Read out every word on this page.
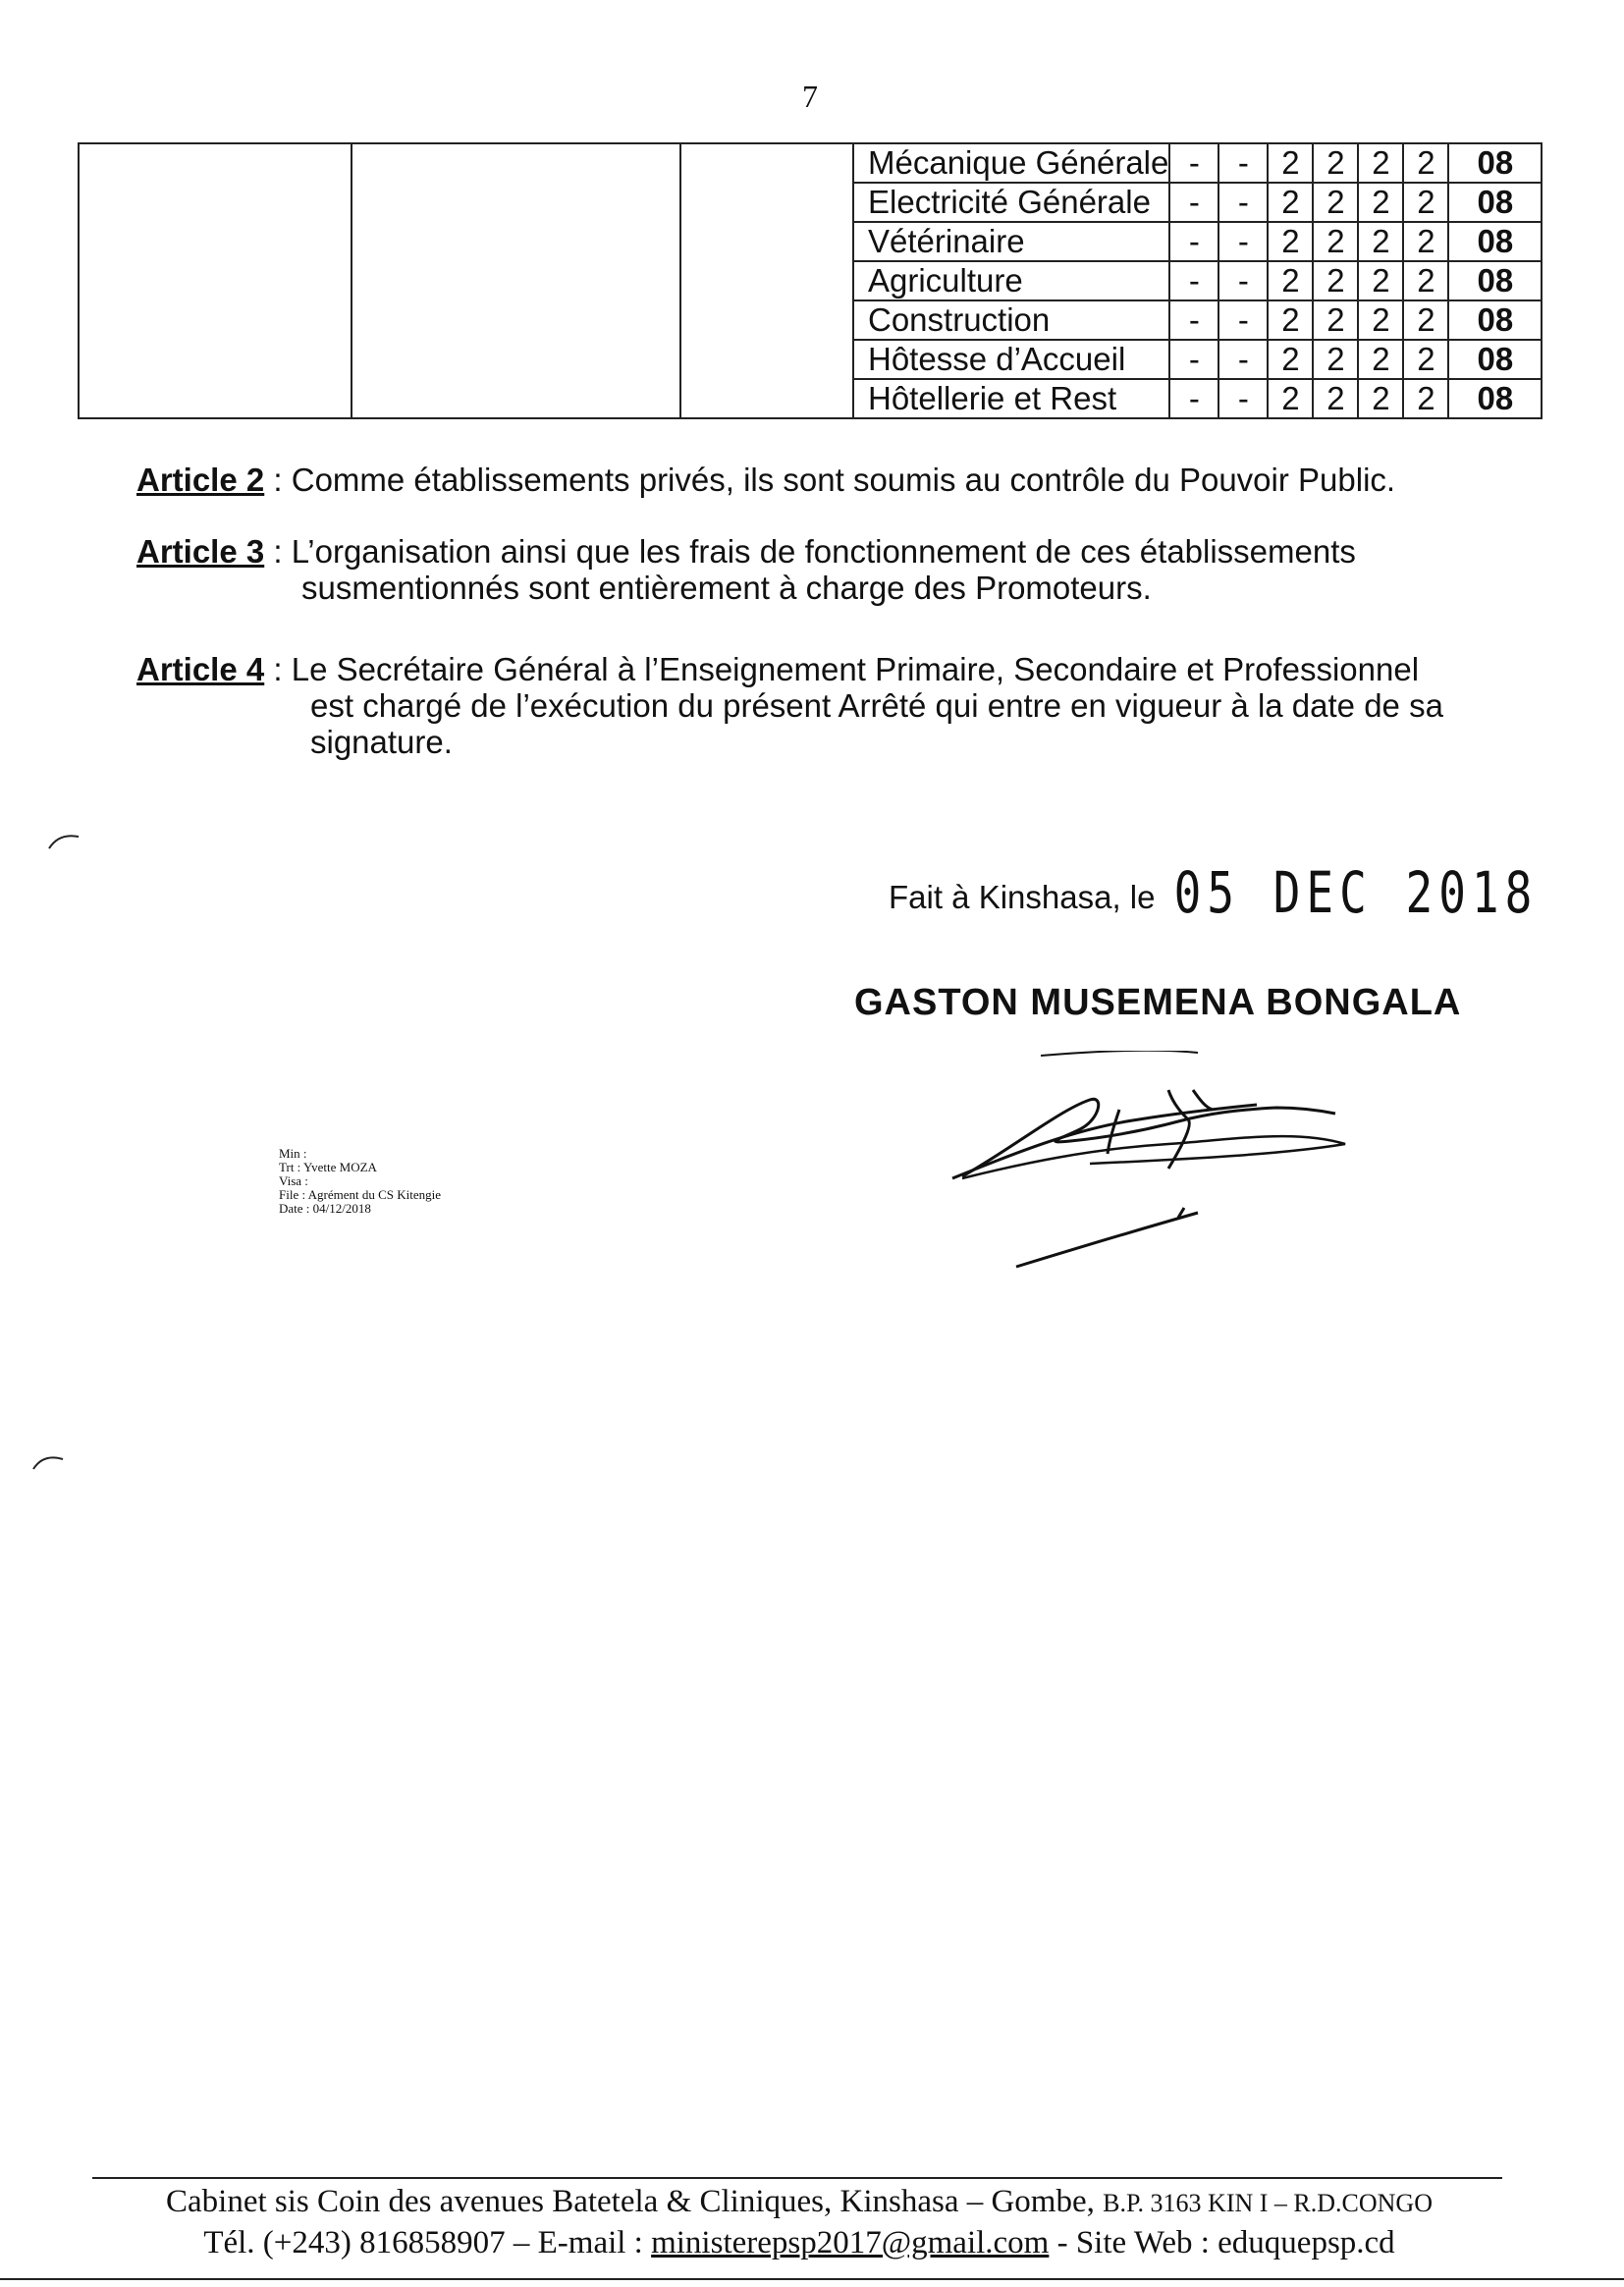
7
			Mécanique Générale	-	-	2	2	2	2	08
			Electricité Générale	-	-	2	2	2	2	08
			Vétérinaire	-	-	2	2	2	2	08
			Agriculture	-	-	2	2	2	2	08
			Construction	-	-	2	2	2	2	08
			Hôtesse d’Accueil	-	-	2	2	2	2	08
			Hôtellerie et Rest	-	-	2	2	2	2	08
Article 2 : Comme établissements privés, ils sont soumis au contrôle du Pouvoir Public.
Article 3 : L’organisation ainsi que les frais de fonctionnement de ces établissements
susmentionnés sont entièrement à charge des Promoteurs.
Article 4 : Le Secrétaire Général à l’Enseignement Primaire, Secondaire et Professionnel
est chargé de l’exécution du présent Arrêté qui entre en vigueur à la date de sa
signature.
Fait à Kinshasa, le 05 DEC 2018
GASTON MUSEMENA BONGALA
Min :
Trt : Yvette MOZA
Visa :
File : Agrément du CS Kitengie
Date : 04/12/2018
Cabinet sis Coin des avenues Batetela & Cliniques, Kinshasa – Gombe, B.P. 3163 KIN I – R.D.CONGO
Tél. (+243) 816858907 – E-mail : ministerepsp2017@gmail.com - Site Web : eduquepsp.cd
